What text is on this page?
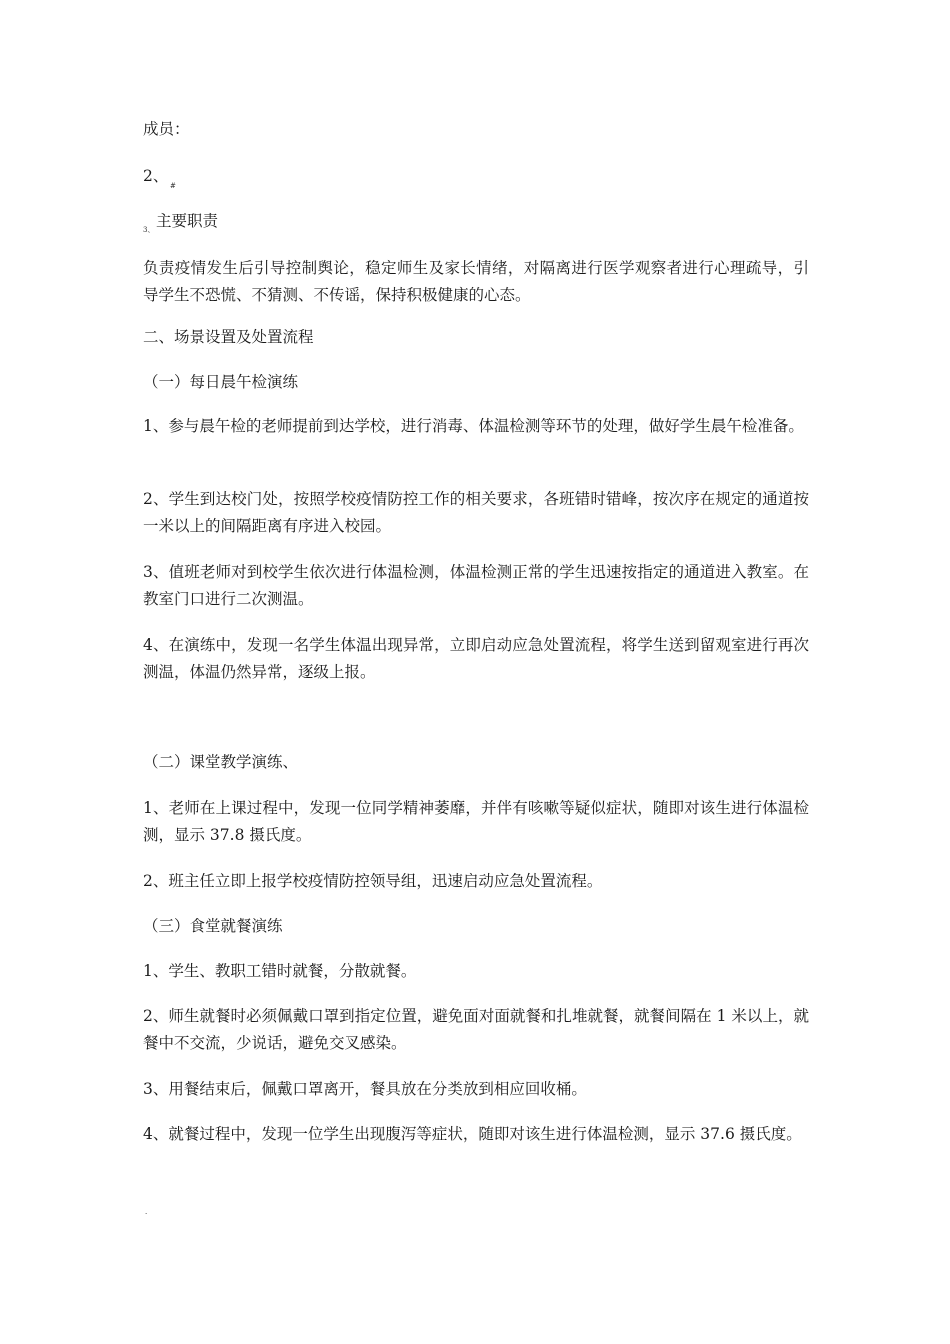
成员：

2、

#
3、 主要职责

负责疫情发生后引导控制舆论，稳定师生及家长情绪，对隔离进行医学观察者进行心理疏导，引导学生不恐慌、不猜测、不传谣，保持积极健康的心态。

二、场景设置及处置流程

（一）每日晨午检演练

1、参与晨午检的老师提前到达学校，进行消毒、体温检测等环节的处理，做好学生晨午检准备。

2、学生到达校门处，按照学校疫情防控工作的相关要求，各班错时错峰，按次序在规定的通道按一米以上的间隔距离有序进入校园。

3、值班老师对到校学生依次进行体温检测，体温检测正常的学生迅速按指定的通道进入教室。在教室门口进行二次测温。

4、在演练中，发现一名学生体温出现异常，立即启动应急处置流程，将学生送到留观室进行再次测温，体温仍然异常，逐级上报。

（二）课堂教学演练、

1、老师在上课过程中，发现一位同学精神萎靡，并伴有咳嗽等疑似症状，随即对该生进行体温检测，显示 37.8 摄氏度。

2、班主任立即上报学校疫情防控领导组，迅速启动应急处置流程。

（三）食堂就餐演练

1、学生、教职工错时就餐，分散就餐。

2、师生就餐时必须佩戴口罩到指定位置，避免面对面就餐和扎堆就餐，就餐间隔在 1 米以上，就餐中不交流，少说话，避免交叉感染。

3、用餐结束后，佩戴口罩离开，餐具放在分类放到相应回收桶。

4、就餐过程中，发现一位学生出现腹泻等症状，随即对该生进行体温检测，显示 37.6 摄氏度。

.
